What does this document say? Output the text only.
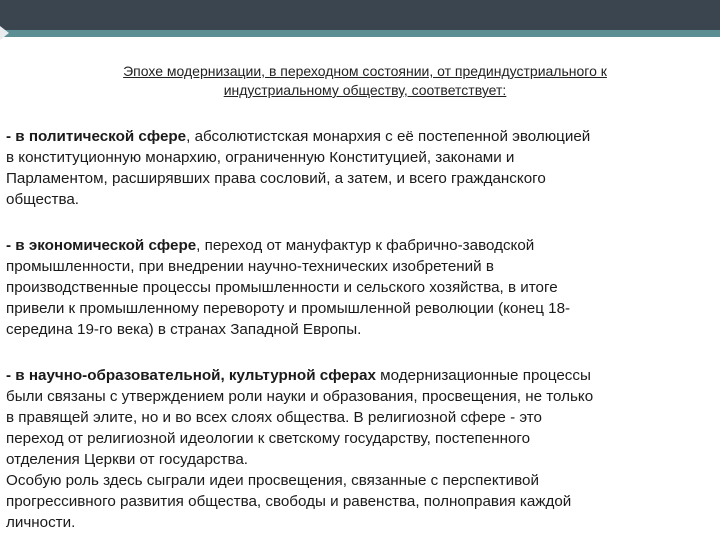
Эпохе модернизации, в переходном состоянии, от прединдустриального к
индустриальному обществу, соответствует:
- в политической сфере, абсолютистская монархия с её постепенной эволюцией
в конституционную монархию, ограниченную Конституцией, законами и
Парламентом, расширявших права сословий, а затем, и всего гражданского
общества.
- в экономической сфере, переход от мануфактур к фабрично-заводской
промышленности, при внедрении научно-технических изобретений в
производственные процессы промышленности и сельского хозяйства, в итоге
привели к промышленному перевороту и промышленной революции (конец 18-
середина 19-го века) в странах Западной Европы.
- в научно-образовательной, культурной сферах модернизационные процессы
были связаны с утверждением роли науки и образования, просвещения, не только
в правящей элите, но и во всех слоях общества. В религиозной сфере - это
переход от религиозной идеологии к светскому государству, постепенного
отделения Церкви от государства.
Особую роль здесь сыграли идеи просвещения, связанные с перспективой
прогрессивного развития общества, свободы и равенства, полноправия каждой
личности.
